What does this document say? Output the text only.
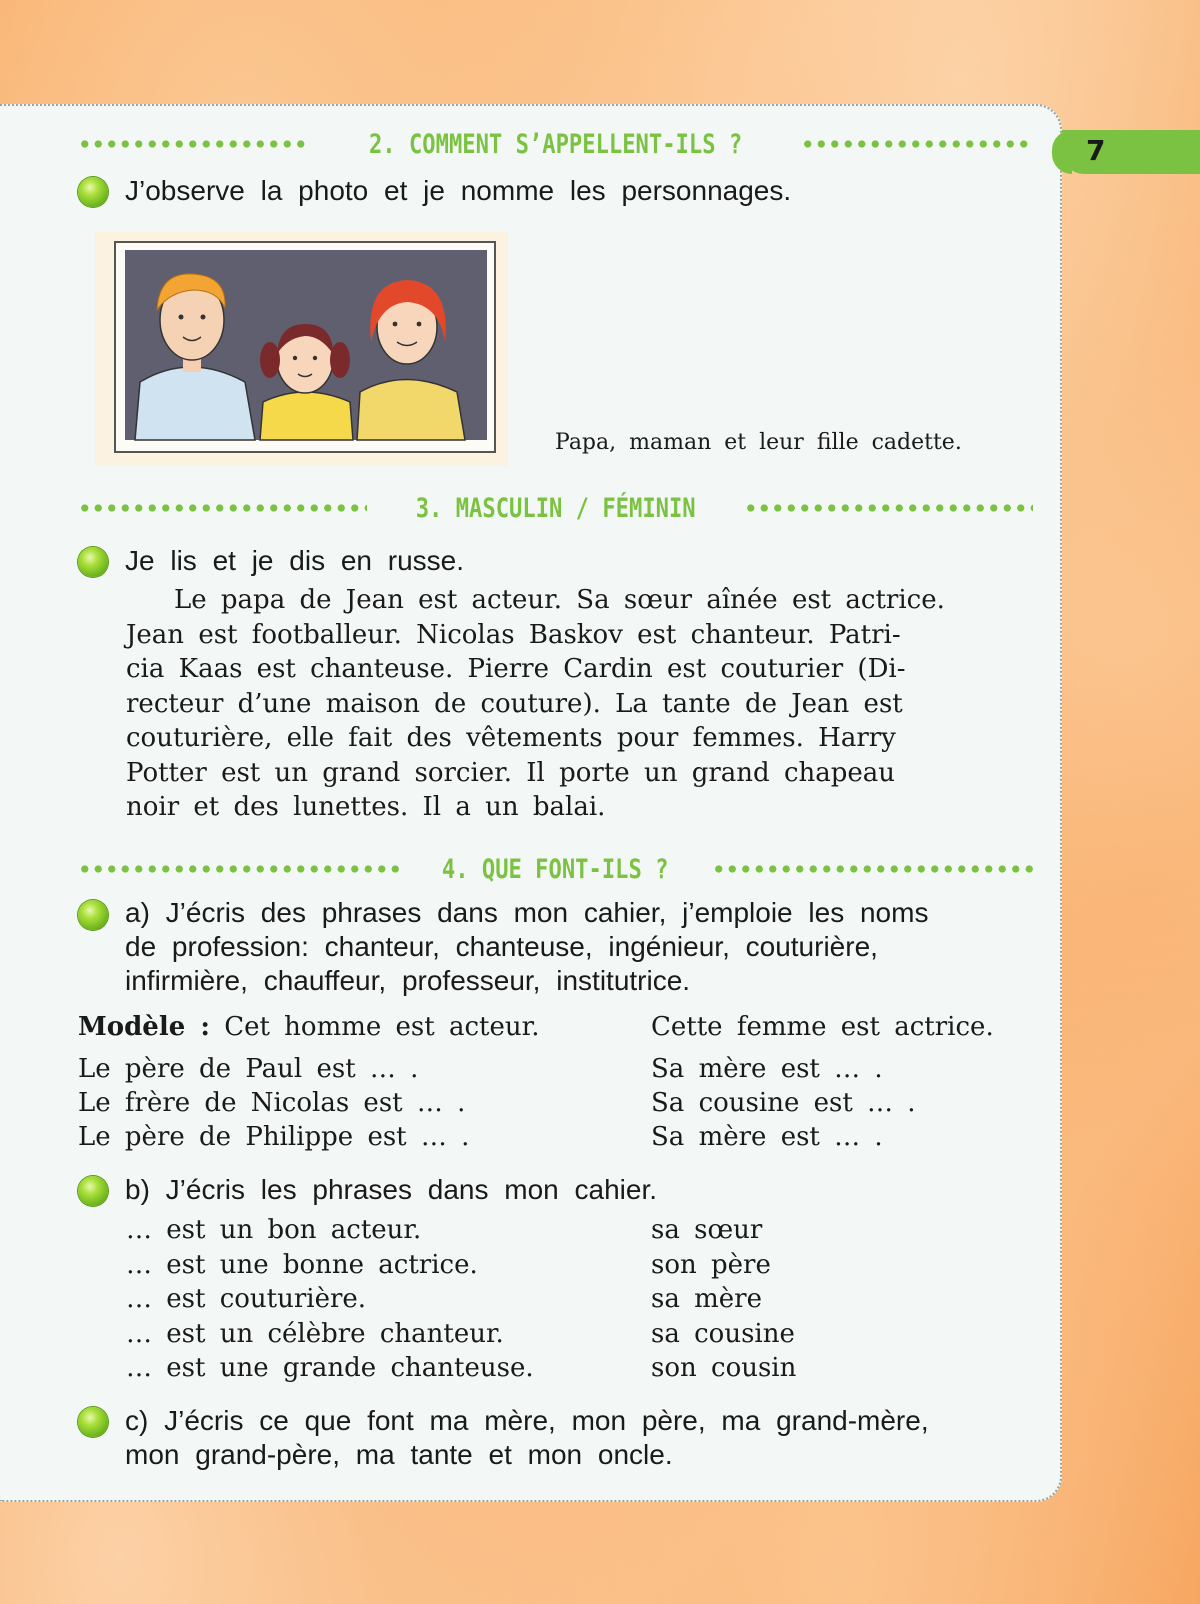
7
2. COMMENT S’APPELLENT-ILS ?
J’observe la photo et je nomme les personnages.
Papa, maman et leur fille cadette.
3. MASCULIN / FÉMININ
Je lis et je dis en russe.
Le papa de Jean est acteur. Sa sœur aînée est actrice.
Jean est footballeur. Nicolas Baskov est chanteur. Patri-
cia Kaas est chanteuse. Pierre Cardin est couturier (Di-
recteur d’une maison de couture). La tante de Jean est
couturière, elle fait des vêtements pour femmes. Harry
Potter est un grand sorcier. Il porte un grand chapeau
noir et des lunettes. Il a un balai.
4. QUE FONT-ILS ?
a) J’écris des phrases dans mon cahier, j’emploie les noms
de profession: chanteur, chanteuse, ingénieur, couturière,
infirmière, chauffeur, professeur, institutrice.
Modèle : Cet homme est acteur.	Cette femme est actrice.
Le père de Paul est … .	Sa mère est … .
Le frère de Nicolas est … .	Sa cousine est … .
Le père de Philippe est … .	Sa mère est … .
b) J’écris les phrases dans mon cahier.
… est un bon acteur.	sa sœur
… est une bonne actrice.	son père
… est couturière.	sa mère
… est un célèbre chanteur.	sa cousine
… est une grande chanteuse.	son cousin
c) J’écris ce que font ma mère, mon père, ma grand-mère,
mon grand-père, ma tante et mon oncle.
